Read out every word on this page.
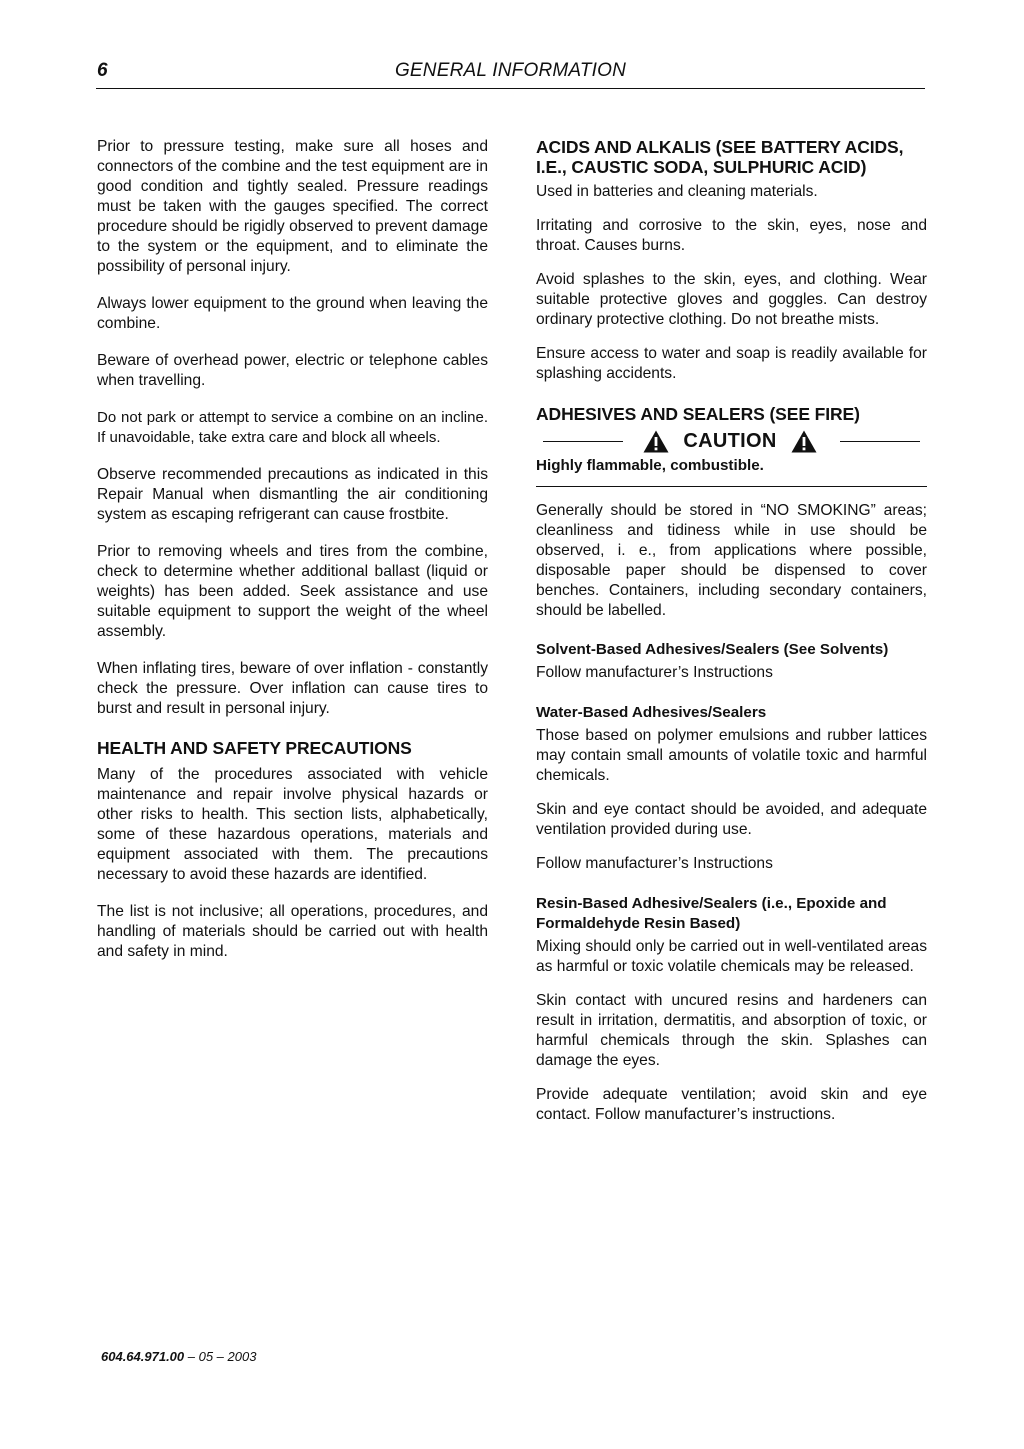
6	GENERAL INFORMATION

Prior to pressure testing, make sure all hoses and connectors of the combine and the test equipment are in good condition and tightly sealed. Pressure readings must be taken with the gauges specified. The correct procedure should be rigidly observed to prevent damage to the system or the equipment, and to eliminate the possibility of personal injury.

Always lower equipment to the ground when leaving the combine.

Beware of overhead power, electric or telephone cables when travelling.

Do not park or attempt to service a combine on an incline. If unavoidable, take extra care and block all wheels.

Observe recommended precautions as indicated in this Repair Manual when dismantling the air conditioning system as escaping refrigerant can cause frostbite.

Prior to removing wheels and tires from the combine, check to determine whether additional ballast (liquid or weights) has been added. Seek assistance and use suitable equipment to support the weight of the wheel assembly.

When inflating tires, beware of over inflation - constantly check the pressure. Over inflation can cause tires to burst and result in personal injury.

HEALTH AND SAFETY PRECAUTIONS

Many of the procedures associated with vehicle maintenance and repair involve physical hazards or other risks to health. This section lists, alphabetically, some of these hazardous operations, materials and equipment associated with them. The precautions necessary to avoid these hazards are identified.

The list is not inclusive; all operations, procedures, and handling of materials should be carried out with health and safety in mind.

ACIDS AND ALKALIS (SEE BATTERY ACIDS, I.E., CAUSTIC SODA, SULPHURIC ACID)

Used in batteries and cleaning materials.

Irritating and corrosive to the skin, eyes, nose and throat. Causes burns.

Avoid splashes to the skin, eyes, and clothing. Wear suitable protective gloves and goggles. Can destroy ordinary protective clothing. Do not breathe mists.

Ensure access to water and soap is readily available for splashing accidents.

ADHESIVES AND SEALERS (SEE FIRE)
CAUTION
Highly flammable, combustible.

Generally should be stored in “NO SMOKING” areas; cleanliness and tidiness while in use should be observed, i. e., from applications where possible, disposable paper should be dispensed to cover benches. Containers, including secondary containers, should be labelled.

Solvent-Based Adhesives/Sealers (See Solvents)

Follow manufacturer’s Instructions

Water-Based Adhesives/Sealers

Those based on polymer emulsions and rubber lattices may contain small amounts of volatile toxic and harmful chemicals.

Skin and eye contact should be avoided, and adequate ventilation provided during use.

Follow manufacturer’s Instructions

Resin-Based Adhesive/Sealers (i.e., Epoxide and Formaldehyde Resin Based)

Mixing should only be carried out in well-ventilated areas as harmful or toxic volatile chemicals may be released.

Skin contact with uncured resins and hardeners can result in irritation, dermatitis, and absorption of toxic, or harmful chemicals through the skin. Splashes can damage the eyes.

Provide adequate ventilation; avoid skin and eye contact. Follow manufacturer’s instructions.

604.64.971.00 – 05 – 2003
